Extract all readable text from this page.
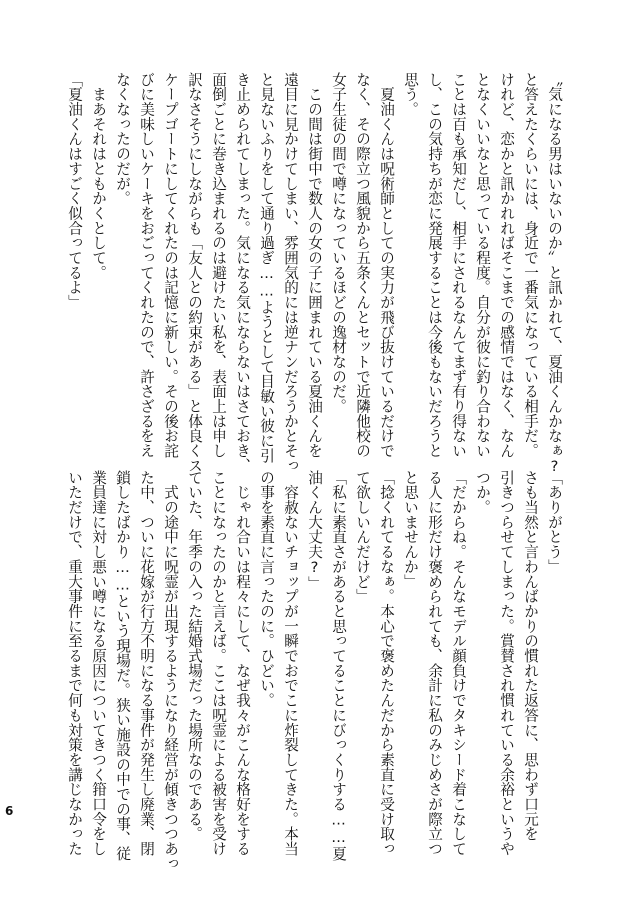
〝気になる男はいないのか〟と訊かれて、夏油くんかなぁ?
と答えたくらいには、身近で一番気になっている相手だ。
けれど、恋かと訊かれればそこまでの感情ではなく、なん
となくいいなと思っている程度。自分が彼に釣り合わない
ことは百も承知だし、相手にされるなんてまず有り得ない
し、この気持ちが恋に発展することは今後もないだろうと
思う。
　夏油くんは呪術師としての実力が飛び抜けているだけで
なく、その際立つ風貌から五条くんとセットで近隣他校の
女子生徒の間で噂になっているほどの逸材なのだ。
　この間は街中で数人の女の子に囲まれている夏油くんを
遠目に見かけてしまい、雰囲気的には逆ナンだろうかとそっ
と見ないふりをして通り過ぎ……ようとして目敏い彼に引
き止められてしまった。気になる気にならないはさておき、
面倒ごとに巻き込まれるのは避けたい私を、表面上は申し
訳なさそうにしながらも「友人との約束がある」と体良くス
ケープゴートにしてくれたのは記憶に新しい。その後お詫
びに美味しいケーキをおごってくれたので、許さざるをえ
なくなったのだが。
　まあそれはともかくとして。
「夏油くんはすごく似合ってるよ」
「ありがとう」
さも当然と言わんばかりの慣れた返答に、思わず口元を
引きつらせてしまった。賞賛され慣れている余裕というや
つか。
「だからね。そんなモデル顔負けでタキシード着こなして
る人に形だけ褒められても、余計に私のみじめさが際立つ
と思いませんか」
「捻くれてるなぁ。本心で褒めたんだから素直に受け取っ
て欲しいんだけど」
「私に素直さがあると思ってることにびっくりする……夏
油くん大丈夫?」
　容赦ないチョップが一瞬でおでこに炸裂してきた。本当
の事を素直に言ったのに。ひどい。
　じゃれ合いは程々にして、なぜ我々がこんな格好をする
ことになったのかと言えば。ここは呪霊による被害を受け
ていた、年季の入った結婚式場だった場所なのである。
　式の途中に呪霊が出現するようになり経営が傾きつつあっ
た中、ついに花嫁が行方不明になる事件が発生し廃業、閉
鎖したばかり……という現場だ。狭い施設の中での事、従
業員達に対し悪い噂になる原因についてきつく箝口令をし
いただけで、重大事件に至るまで何も対策を講じなかった
6
